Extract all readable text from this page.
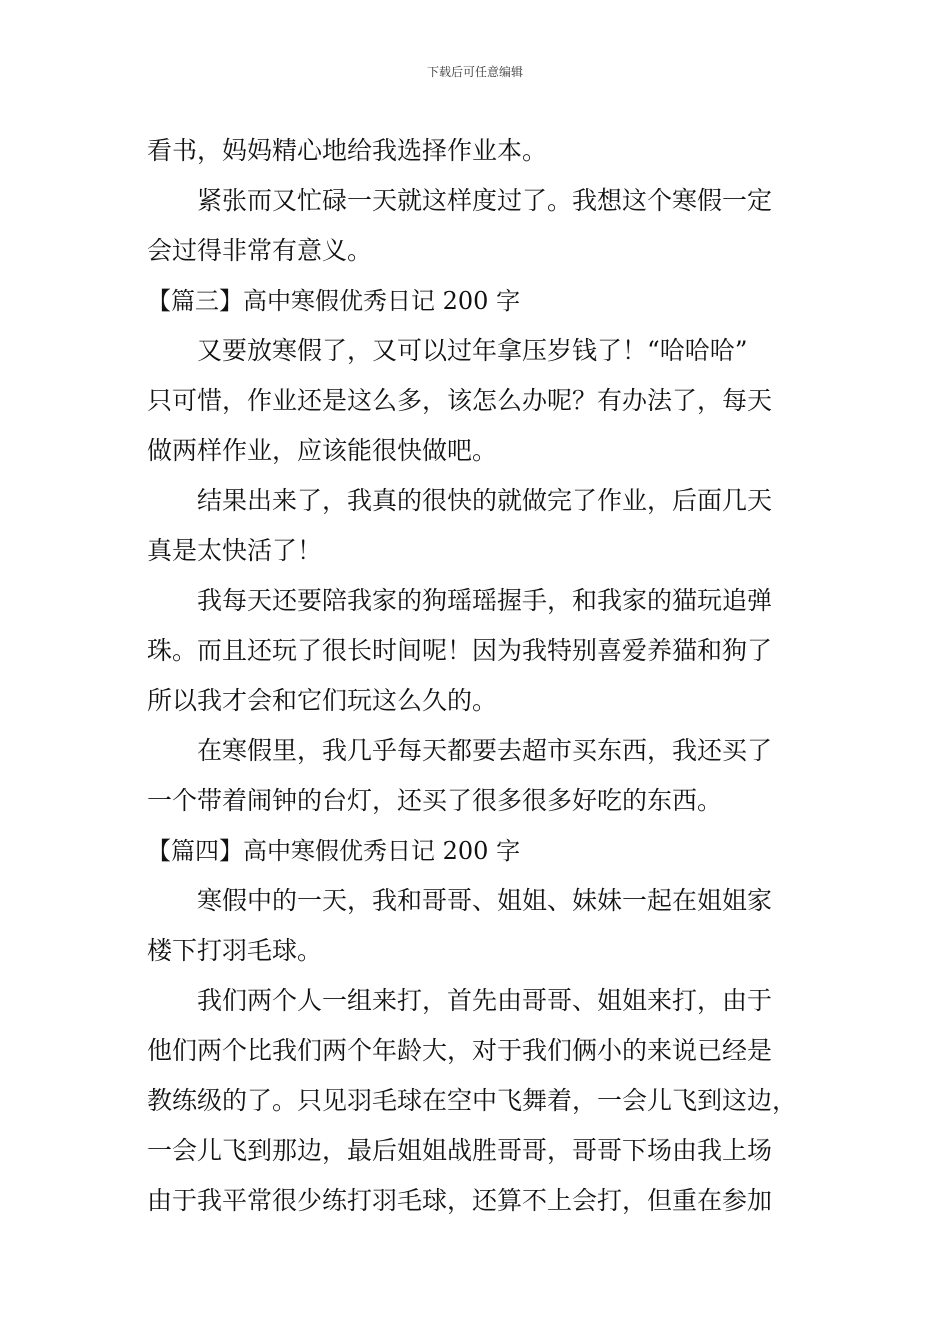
下载后可任意编辑
看书，妈妈精心地给我选择作业本。
紧张而又忙碌一天就这样度过了。我想这个寒假一定
会过得非常有意义。
【篇三】高中寒假优秀日记 200 字
又要放寒假了，又可以过年拿压岁钱了！“哈哈哈”
只可惜，作业还是这么多，该怎么办呢？有办法了，每天
做两样作业，应该能很快做吧。
结果出来了，我真的很快的就做完了作业，后面几天
真是太快活了！
我每天还要陪我家的狗瑶瑶握手，和我家的猫玩追弹
珠。而且还玩了很长时间呢！因为我特别喜爱养猫和狗了
所以我才会和它们玩这么久的。
在寒假里，我几乎每天都要去超市买东西，我还买了
一个带着闹钟的台灯，还买了很多很多好吃的东西。
【篇四】高中寒假优秀日记 200 字
寒假中的一天，我和哥哥、姐姐、妹妹一起在姐姐家
楼下打羽毛球。
我们两个人一组来打，首先由哥哥、姐姐来打，由于
他们两个比我们两个年龄大，对于我们俩小的来说已经是
教练级的了。只见羽毛球在空中飞舞着，一会儿飞到这边，
一会儿飞到那边，最后姐姐战胜哥哥，哥哥下场由我上场
由于我平常很少练打羽毛球，还算不上会打，但重在参加
